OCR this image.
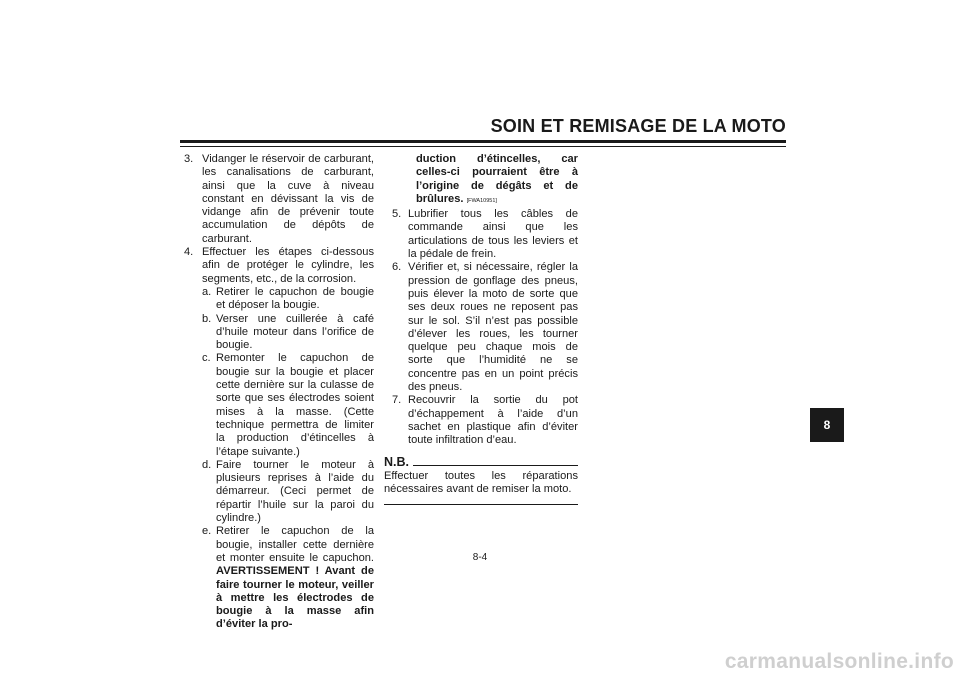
SOIN ET REMISAGE DE LA MOTO
3. Vidanger le réservoir de carburant, les canalisations de carburant, ainsi que la cuve à niveau constant en dévissant la vis de vidange afin de prévenir toute accumulation de dépôts de carburant.
4. Effectuer les étapes ci-dessous afin de protéger le cylindre, les segments, etc., de la corrosion.
a. Retirer le capuchon de bougie et déposer la bougie.
b. Verser une cuillerée à café d’huile moteur dans l’orifice de bougie.
c. Remonter le capuchon de bougie sur la bougie et placer cette dernière sur la culasse de sorte que ses électrodes soient mises à la masse. (Cette technique permettra de limiter la production d’étincelles à l’étape suivante.)
d. Faire tourner le moteur à plusieurs reprises à l’aide du démarreur. (Ceci permet de répartir l’huile sur la paroi du cylindre.)
e. Retirer le capuchon de la bougie, installer cette dernière et monter ensuite le capuchon. AVERTISSEMENT ! Avant de faire tourner le moteur, veiller à mettre les électrodes de bougie à la masse afin d’éviter la pro-
duction d’étincelles, car celles-ci pourraient être à l’origine de dégâts et de brûlures. [FWA10951]
5. Lubrifier tous les câbles de commande ainsi que les articulations de tous les leviers et la pédale de frein.
6. Vérifier et, si nécessaire, régler la pression de gonflage des pneus, puis élever la moto de sorte que ses deux roues ne reposent pas sur le sol. S’il n’est pas possible d’élever les roues, les tourner quelque peu chaque mois de sorte que l’humidité ne se concentre pas en un point précis des pneus.
7. Recouvrir la sortie du pot d’échappement à l’aide d’un sachet en plastique afin d’éviter toute infiltration d’eau.
N.B.
Effectuer toutes les réparations nécessaires avant de remiser la moto.
8-4
8
carmanualsonline.info
